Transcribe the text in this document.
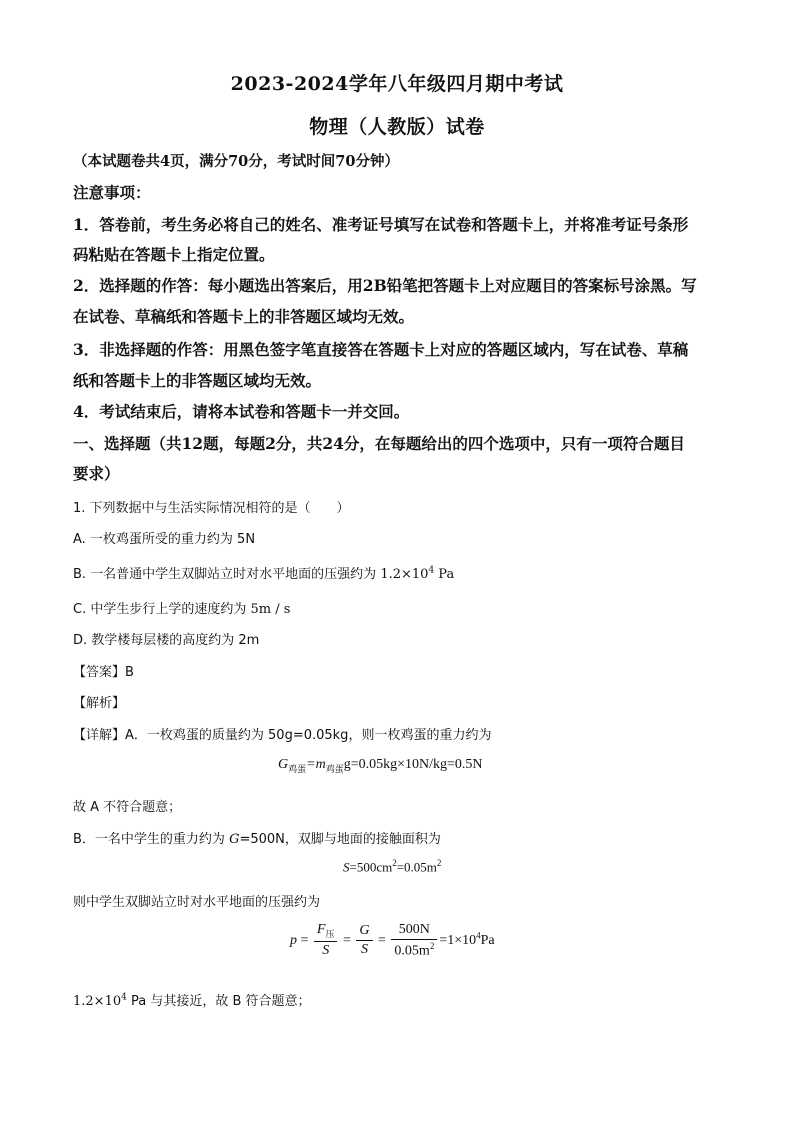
2023-2024学年八年级四月期中考试
物理（人教版）试卷
（本试题卷共4页，满分70分，考试时间70分钟）
注意事项：
1．答卷前，考生务必将自己的姓名、准考证号填写在试卷和答题卡上，并将准考证号条形
码粘贴在答题卡上指定位置。
2．选择题的作答：每小题选出答案后，用2B铅笔把答题卡上对应题目的答案标号涂黑。写
在试卷、草稿纸和答题卡上的非答题区域均无效。
3．非选择题的作答：用黑色签字笔直接答在答题卡上对应的答题区域内，写在试卷、草稿
纸和答题卡上的非答题区域均无效。
4．考试结束后，请将本试卷和答题卡一并交回。
一、选择题（共12题，每题2分，共24分，在每题给出的四个选项中，只有一项符合题目
要求）
1. 下列数据中与生活实际情况相符的是（　　）
A. 一枚鸡蛋所受的重力约为 5N
B. 一名普通中学生双脚站立时对水平地面的压强约为 $1.2\times 10^4$ Pa
C. 中学生步行上学的速度约为 5m / s
D. 教学楼每层楼的高度约为 2m
【答案】B
【解析】
【详解】A．一枚鸡蛋的质量约为 50g=0.05kg，则一枚鸡蛋的重力约为
$G_{鸡蛋}=m_{鸡蛋}g=0.05kg\times 10N/kg=0.5N$
故 A 不符合题意；
B．一名中学生的重力约为 G=500N，双脚与地面的接触面积为
$S=500cm^2=0.05m^2$
则中学生双脚站立时对水平地面的压强约为
$p = \frac{F_压}{S} = \frac{G}{S} = \frac{500N}{0.05m^2} =1\times 10^4Pa$
$1.2\times 10^4$ Pa 与其接近，故 B 符合题意；
